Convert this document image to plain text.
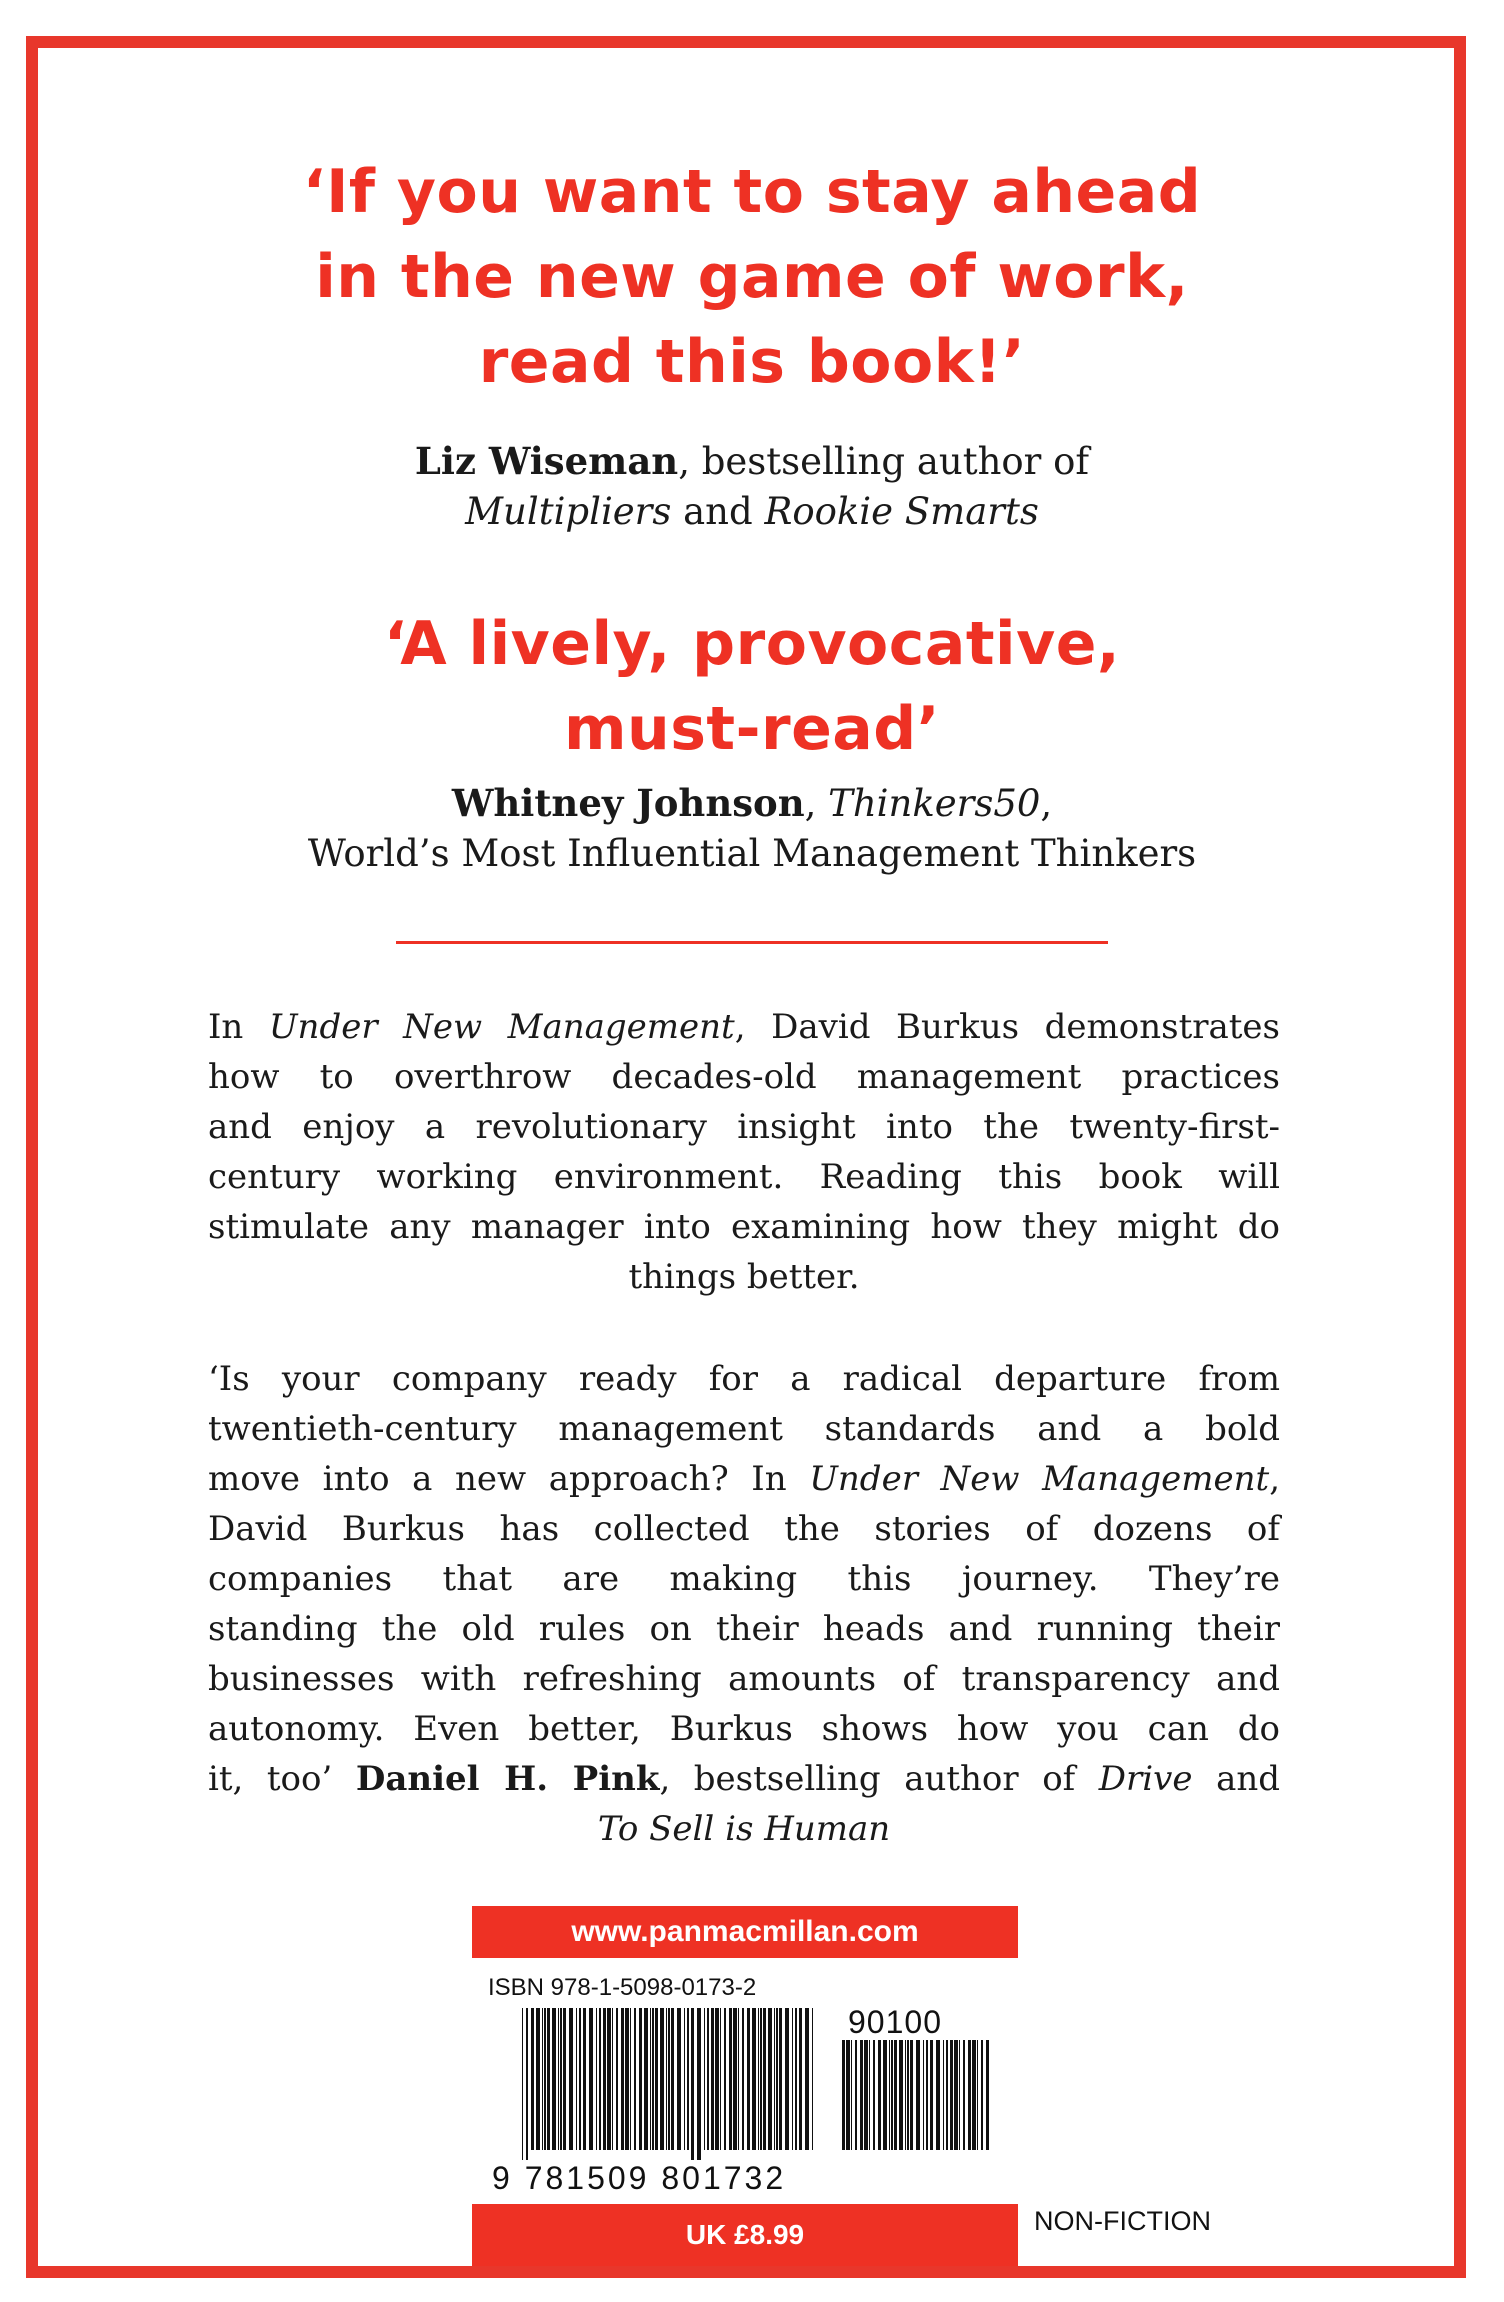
‘If you want to stay ahead
in the new game of work,
read this book!’
Liz Wiseman, bestselling author of
Multipliers and Rookie Smarts
‘A lively, provocative,
must-read’
Whitney Johnson, Thinkers50,
World’s Most Influential Management Thinkers
In Under New Management, David Burkus demonstrates
how to overthrow decades-old management practices
and enjoy a revolutionary insight into the twenty-first-
century working environment. Reading this book will
stimulate any manager into examining how they might do
things better.
‘Is your company ready for a radical departure from
twentieth-century management standards and a bold
move into a new approach? In Under New Management,
David Burkus has collected the stories of dozens of
companies that are making this journey. They’re
standing the old rules on their heads and running their
businesses with refreshing amounts of transparency and
autonomy. Even better, Burkus shows how you can do
it, too’ Daniel H. Pink, bestselling author of Drive and
To Sell is Human
www.panmacmillan.com
ISBN 978-1-5098-0173-2
90100
9 781509 801732
UK £8.99	NON-FICTION
